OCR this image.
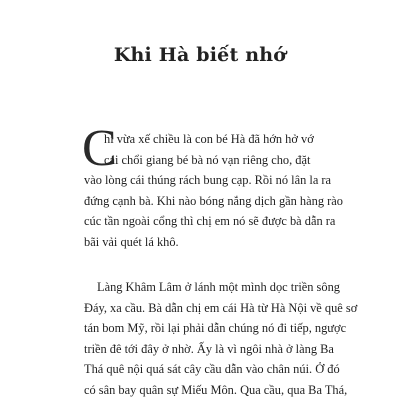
Khi Hà biết nhớ
C
hỉ vừa xế chiều là con bé Hà đã hớn hở vớ
cái chổi giang bé bà nó vạn riêng cho, đặt
vào lòng cái thúng rách bung cạp. Rồi nó lân la ra
đứng cạnh bà. Khi nào bóng nắng dịch gần hàng rào
cúc tần ngoài cổng thì chị em nó sẽ được bà dẫn ra
bãi vải quét lá khô.
Làng Khâm Lâm ở lánh một mình dọc triền sông
Đáy, xa cầu. Bà dẫn chị em cái Hà từ Hà Nội về quê sơ
tán bom Mỹ, rồi lại phải dẫn chúng nó đi tiếp, ngược
triền đê tới đây ở nhờ. Ấy là vì ngôi nhà ở làng Ba
Thá quê nội quá sát cây cầu dẫn vào chân núi. Ở đó
có sân bay quân sự Miếu Môn. Qua cầu, qua Ba Thá,
